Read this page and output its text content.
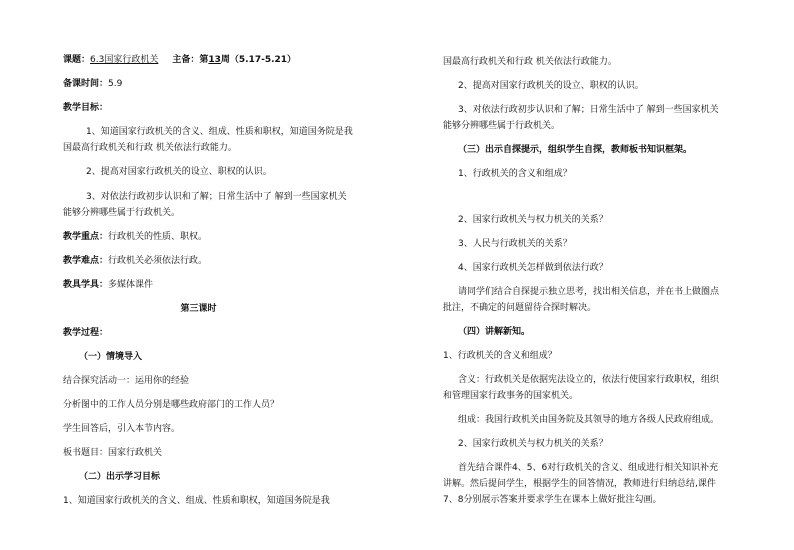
课题：6.3国家行政机关 主备：第13周（5.17-5.21）
备课时间：5.9
教学目标：
1、知道国家行政机关的含义、组成、性质和职权，知道国务院是我
国最高行政机关和行政 机关依法行政能力。
2、提高对国家行政机关的设立、职权的认识。
3、对依法行政初步认识和了解；日常生活中了 解到一些国家机关
能够分辨哪些属于行政机关。
教学重点：行政机关的性质、职权。
教学难点：行政机关必须依法行政。
教具学具：多媒体课件
第三课时
教学过程：
（一）情境导入
结合探究活动一：运用你的经验
分析图中的工作人员分别是哪些政府部门的工作人员？
学生回答后，引入本节内容。
板书题目：国家行政机关
（二）出示学习目标
1、知道国家行政机关的含义、组成、性质和职权，知道国务院是我
国最高行政机关和行政 机关依法行政能力。
2、提高对国家行政机关的设立、职权的认识。
3、对依法行政初步认识和了解；日常生活中了 解到一些国家机关
能够分辨哪些属于行政机关。
（三）出示自探提示，组织学生自探，教师板书知识框架。
1、行政机关的含义和组成？
2、国家行政机关与权力机关的关系？
3、人民与行政机关的关系？
4、国家行政机关怎样做到依法行政？
请同学们结合自探提示独立思考，找出相关信息，并在书上做圈点
批注，不确定的问题留待合探时解决。
（四）讲解新知。
1、行政机关的含义和组成？
含义：行政机关是依据宪法设立的，依法行使国家行政职权，组织
和管理国家行政事务的国家机关。
组成：我国行政机关由国务院及其领导的地方各级人民政府组成。
2、国家行政机关与权力机关的关系？
首先结合课件4、5、6对行政机关的含义、组成进行相关知识补充
讲解。然后提问学生，根据学生的回答情况，教师进行归纳总结,课件
7、8分别展示答案并要求学生在课本上做好批注勾画。
